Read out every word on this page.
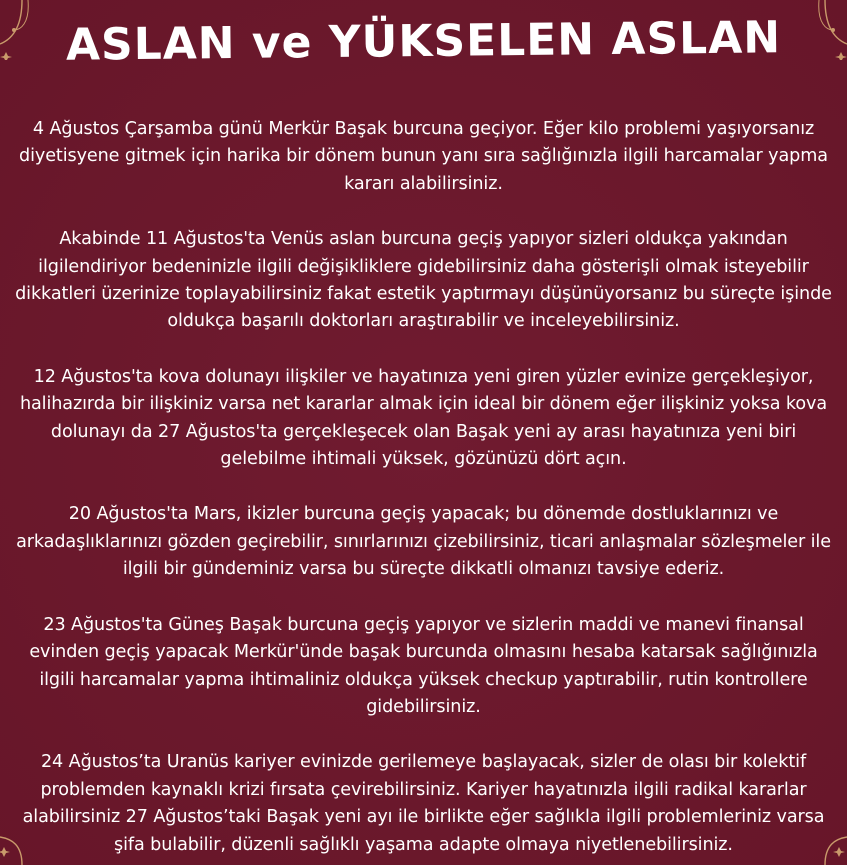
ASLAN ve YÜKSELEN ASLAN

4 Ağustos Çarşamba günü Merkür Başak burcuna geçiyor. Eğer kilo problemi yaşıyorsanız diyetisyene gitmek için harika bir dönem bunun yanı sıra sağlığınızla ilgili harcamalar yapma kararı alabilirsiniz.

Akabinde 11 Ağustos'ta Venüs aslan burcuna geçiş yapıyor sizleri oldukça yakından ilgilendiriyor bedeninizle ilgili değişikliklere gidebilirsiniz daha gösterişli olmak isteyebilir dikkatleri üzerinize toplayabilirsiniz fakat estetik yaptırmayı düşünüyorsanız bu süreçte işinde oldukça başarılı doktorları araştırabilir ve inceleyebilirsiniz.

12 Ağustos'ta kova dolunayı ilişkiler ve hayatınıza yeni giren yüzler evinize gerçekleşiyor, halihazırda bir ilişkiniz varsa net kararlar almak için ideal bir dönem eğer ilişkiniz yoksa kova dolunayı da 27 Ağustos'ta gerçekleşecek olan Başak yeni ay arası hayatınıza yeni biri gelebilme ihtimali yüksek, gözünüzü dört açın.

20 Ağustos'ta Mars, ikizler burcuna geçiş yapacak; bu dönemde dostluklarınızı ve arkadaşlıklarınızı gözden geçirebilir, sınırlarınızı çizebilirsiniz, ticari anlaşmalar sözleşmeler ile ilgili bir gündeminiz varsa bu süreçte dikkatli olmanızı tavsiye ederiz.

23 Ağustos'ta Güneş Başak burcuna geçiş yapıyor ve sizlerin maddi ve manevi finansal evinden geçiş yapacak Merkür'ünde başak burcunda olmasını hesaba katarsak sağlığınızla ilgili harcamalar yapma ihtimaliniz oldukça yüksek checkup yaptırabilir, rutin kontrollere gidebilirsiniz.

24 Ağustos’ta Uranüs kariyer evinizde gerilemeye başlayacak, sizler de olası bir kolektif problemden kaynaklı krizi fırsata çevirebilirsiniz. Kariyer hayatınızla ilgili radikal kararlar alabilirsiniz 27 Ağustos’taki Başak yeni ayı ile birlikte eğer sağlıkla ilgili problemleriniz varsa şifa bulabilir, düzenli sağlıklı yaşama adapte olmaya niyetlenebilirsiniz.
